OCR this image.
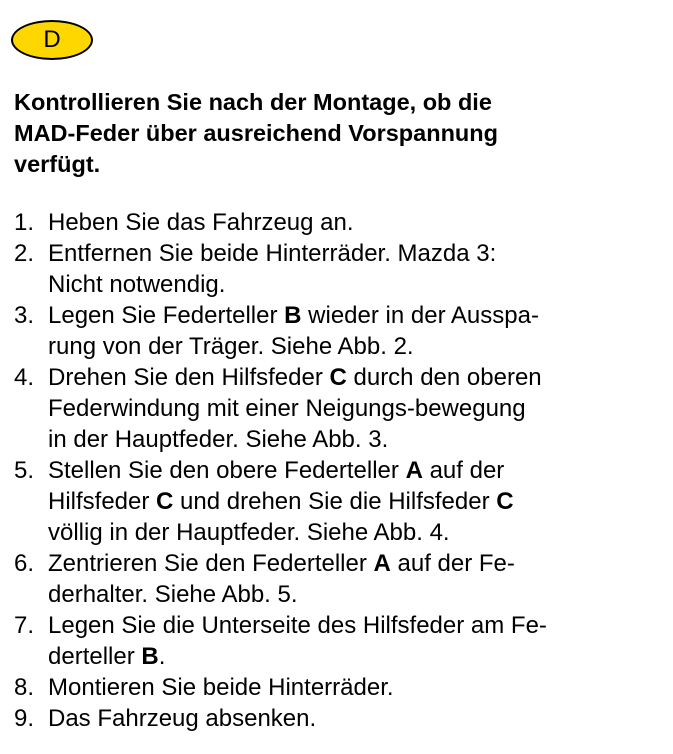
D
Kontrollieren Sie nach der Montage, ob die
MAD-Feder über ausreichend Vorspannung
verfügt.
1. Heben Sie das Fahrzeug an.
2. Entfernen Sie beide Hinterräder. Mazda 3:
Nicht notwendig.
3. Legen Sie Federteller B wieder in der Ausspa-
rung von der Träger. Siehe Abb. 2.
4. Drehen Sie den Hilfsfeder C durch den oberen
Federwindung mit einer Neigungs-bewegung
in der Hauptfeder. Siehe Abb. 3.
5. Stellen Sie den obere Federteller A auf der
Hilfsfeder C und drehen Sie die Hilfsfeder C
völlig in der Hauptfeder. Siehe Abb. 4.
6. Zentrieren Sie den Federteller A auf der Fe-
derhalter. Siehe Abb. 5.
7. Legen Sie die Unterseite des Hilfsfeder am Fe-
derteller B.
8. Montieren Sie beide Hinterräder.
9. Das Fahrzeug absenken.
